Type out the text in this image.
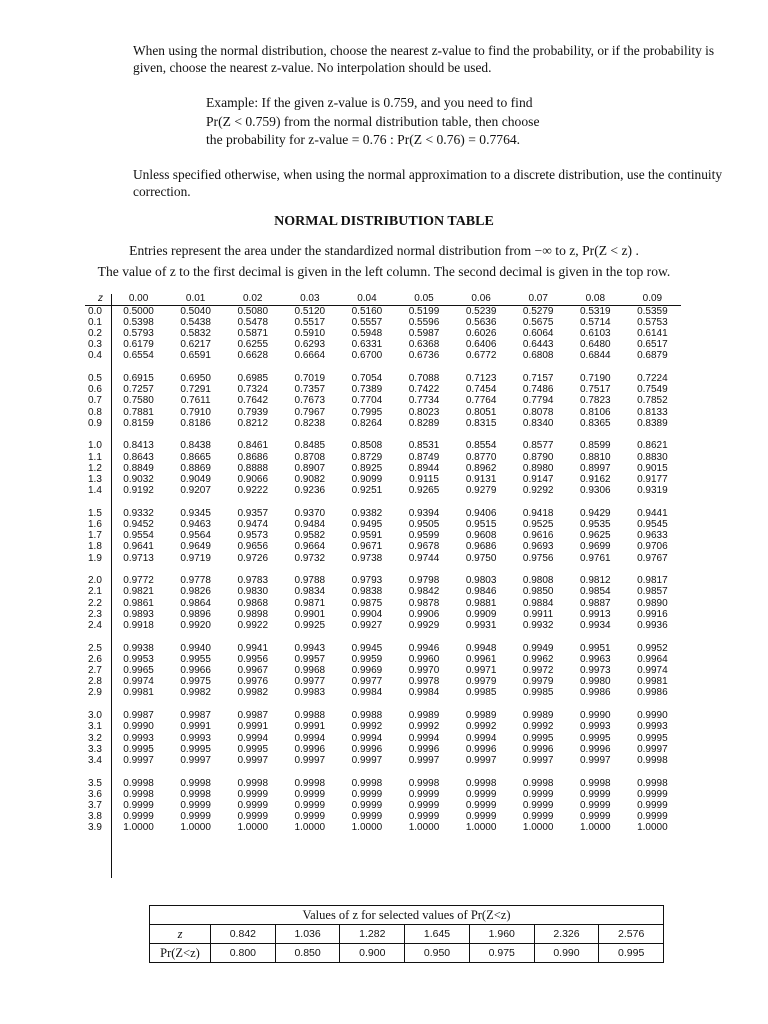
When using the normal distribution, choose the nearest z-value to find the probability, or if the probability is given, choose the nearest z-value. No interpolation should be used.

Example: If the given z-value is 0.759, and you need to find
Pr(Z < 0.759) from the normal distribution table, then choose
the probability for z-value = 0.76 : Pr(Z < 0.76) = 0.7764.

Unless specified otherwise, when using the normal approximation to a discrete distribution, use the continuity correction.

NORMAL DISTRIBUTION TABLE
Entries represent the area under the standardized normal distribution from −∞ to z, Pr(Z < z) .
The value of z to the first decimal is given in the left column. The second decimal is given in the top row.
z	0.00	0.01	0.02	0.03	0.04	0.05	0.06	0.07	0.08	0.09
0.0	0.5000	0.5040	0.5080	0.5120	0.5160	0.5199	0.5239	0.5279	0.5319	0.5359
0.1	0.5398	0.5438	0.5478	0.5517	0.5557	0.5596	0.5636	0.5675	0.5714	0.5753
0.2	0.5793	0.5832	0.5871	0.5910	0.5948	0.5987	0.6026	0.6064	0.6103	0.6141
0.3	0.6179	0.6217	0.6255	0.6293	0.6331	0.6368	0.6406	0.6443	0.6480	0.6517
0.4	0.6554	0.6591	0.6628	0.6664	0.6700	0.6736	0.6772	0.6808	0.6844	0.6879
0.5	0.6915	0.6950	0.6985	0.7019	0.7054	0.7088	0.7123	0.7157	0.7190	0.7224
0.6	0.7257	0.7291	0.7324	0.7357	0.7389	0.7422	0.7454	0.7486	0.7517	0.7549
0.7	0.7580	0.7611	0.7642	0.7673	0.7704	0.7734	0.7764	0.7794	0.7823	0.7852
0.8	0.7881	0.7910	0.7939	0.7967	0.7995	0.8023	0.8051	0.8078	0.8106	0.8133
0.9	0.8159	0.8186	0.8212	0.8238	0.8264	0.8289	0.8315	0.8340	0.8365	0.8389
1.0	0.8413	0.8438	0.8461	0.8485	0.8508	0.8531	0.8554	0.8577	0.8599	0.8621
1.1	0.8643	0.8665	0.8686	0.8708	0.8729	0.8749	0.8770	0.8790	0.8810	0.8830
1.2	0.8849	0.8869	0.8888	0.8907	0.8925	0.8944	0.8962	0.8980	0.8997	0.9015
1.3	0.9032	0.9049	0.9066	0.9082	0.9099	0.9115	0.9131	0.9147	0.9162	0.9177
1.4	0.9192	0.9207	0.9222	0.9236	0.9251	0.9265	0.9279	0.9292	0.9306	0.9319
1.5	0.9332	0.9345	0.9357	0.9370	0.9382	0.9394	0.9406	0.9418	0.9429	0.9441
1.6	0.9452	0.9463	0.9474	0.9484	0.9495	0.9505	0.9515	0.9525	0.9535	0.9545
1.7	0.9554	0.9564	0.9573	0.9582	0.9591	0.9599	0.9608	0.9616	0.9625	0.9633
1.8	0.9641	0.9649	0.9656	0.9664	0.9671	0.9678	0.9686	0.9693	0.9699	0.9706
1.9	0.9713	0.9719	0.9726	0.9732	0.9738	0.9744	0.9750	0.9756	0.9761	0.9767
2.0	0.9772	0.9778	0.9783	0.9788	0.9793	0.9798	0.9803	0.9808	0.9812	0.9817
2.1	0.9821	0.9826	0.9830	0.9834	0.9838	0.9842	0.9846	0.9850	0.9854	0.9857
2.2	0.9861	0.9864	0.9868	0.9871	0.9875	0.9878	0.9881	0.9884	0.9887	0.9890
2.3	0.9893	0.9896	0.9898	0.9901	0.9904	0.9906	0.9909	0.9911	0.9913	0.9916
2.4	0.9918	0.9920	0.9922	0.9925	0.9927	0.9929	0.9931	0.9932	0.9934	0.9936
2.5	0.9938	0.9940	0.9941	0.9943	0.9945	0.9946	0.9948	0.9949	0.9951	0.9952
2.6	0.9953	0.9955	0.9956	0.9957	0.9959	0.9960	0.9961	0.9962	0.9963	0.9964
2.7	0.9965	0.9966	0.9967	0.9968	0.9969	0.9970	0.9971	0.9972	0.9973	0.9974
2.8	0.9974	0.9975	0.9976	0.9977	0.9977	0.9978	0.9979	0.9979	0.9980	0.9981
2.9	0.9981	0.9982	0.9982	0.9983	0.9984	0.9984	0.9985	0.9985	0.9986	0.9986
3.0	0.9987	0.9987	0.9987	0.9988	0.9988	0.9989	0.9989	0.9989	0.9990	0.9990
3.1	0.9990	0.9991	0.9991	0.9991	0.9992	0.9992	0.9992	0.9992	0.9993	0.9993
3.2	0.9993	0.9993	0.9994	0.9994	0.9994	0.9994	0.9994	0.9995	0.9995	0.9995
3.3	0.9995	0.9995	0.9995	0.9996	0.9996	0.9996	0.9996	0.9996	0.9996	0.9997
3.4	0.9997	0.9997	0.9997	0.9997	0.9997	0.9997	0.9997	0.9997	0.9997	0.9998
3.5	0.9998	0.9998	0.9998	0.9998	0.9998	0.9998	0.9998	0.9998	0.9998	0.9998
3.6	0.9998	0.9998	0.9999	0.9999	0.9999	0.9999	0.9999	0.9999	0.9999	0.9999
3.7	0.9999	0.9999	0.9999	0.9999	0.9999	0.9999	0.9999	0.9999	0.9999	0.9999
3.8	0.9999	0.9999	0.9999	0.9999	0.9999	0.9999	0.9999	0.9999	0.9999	0.9999
3.9	1.0000	1.0000	1.0000	1.0000	1.0000	1.0000	1.0000	1.0000	1.0000	1.0000
Values of z for selected values of Pr(Z<z)
z	0.842	1.036	1.282	1.645	1.960	2.326	2.576
Pr(Z<z)	0.800	0.850	0.900	0.950	0.975	0.990	0.995
